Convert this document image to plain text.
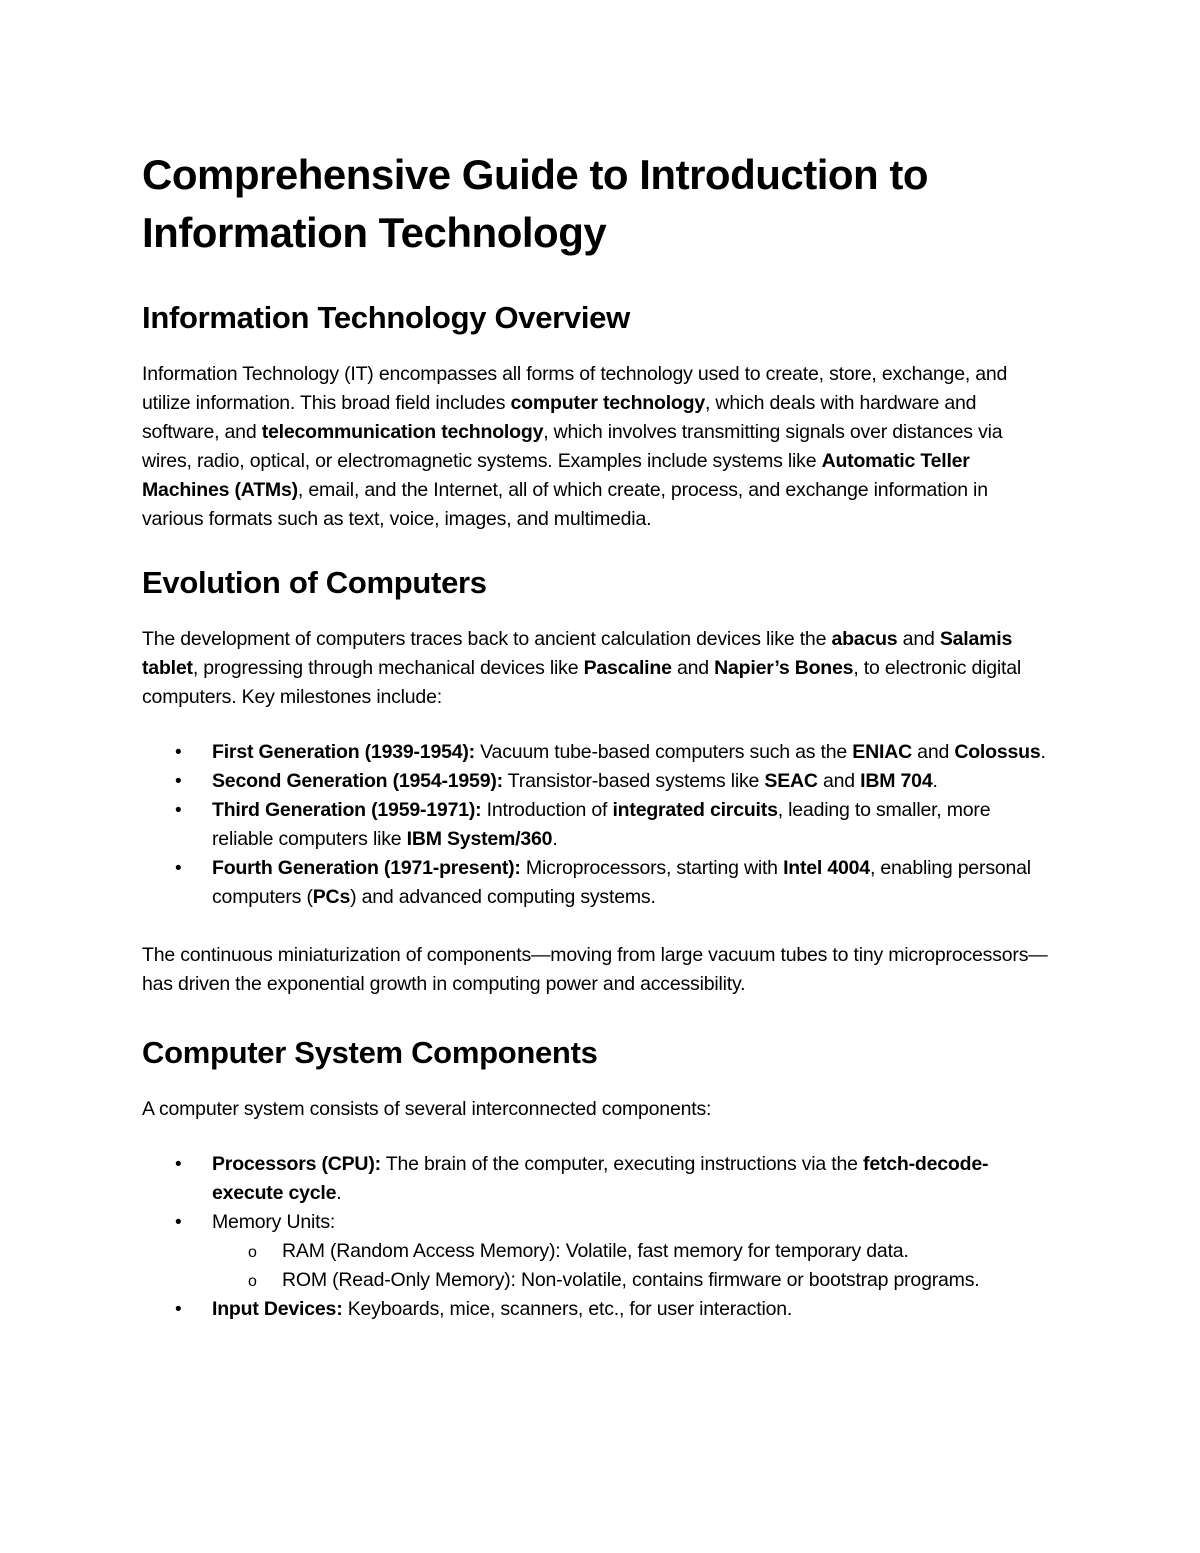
Comprehensive Guide to Introduction to Information Technology
Information Technology Overview

Information Technology (IT) encompasses all forms of technology used to create, store, exchange, and utilize information. This broad field includes computer technology, which deals with hardware and software, and telecommunication technology, which involves transmitting signals over distances via wires, radio, optical, or electromagnetic systems. Examples include systems like Automatic Teller Machines (ATMs), email, and the Internet, all of which create, process, and exchange information in various formats such as text, voice, images, and multimedia.

Evolution of Computers

The development of computers traces back to ancient calculation devices like the abacus and Salamis tablet, progressing through mechanical devices like Pascaline and Napier’s Bones, to electronic digital computers. Key milestones include:

• First Generation (1939-1954): Vacuum tube-based computers such as the ENIAC and Colossus.
• Second Generation (1954-1959): Transistor-based systems like SEAC and IBM 704.
• Third Generation (1959-1971): Introduction of integrated circuits, leading to smaller, more reliable computers like IBM System/360.
• Fourth Generation (1971-present): Microprocessors, starting with Intel 4004, enabling personal computers (PCs) and advanced computing systems.

The continuous miniaturization of components—moving from large vacuum tubes to tiny microprocessors—has driven the exponential growth in computing power and accessibility.

Computer System Components

A computer system consists of several interconnected components:

• Processors (CPU): The brain of the computer, executing instructions via the fetch-decode-execute cycle.
• Memory Units:
o RAM (Random Access Memory): Volatile, fast memory for temporary data.
o ROM (Read-Only Memory): Non-volatile, contains firmware or bootstrap programs.
• Input Devices: Keyboards, mice, scanners, etc., for user interaction.
